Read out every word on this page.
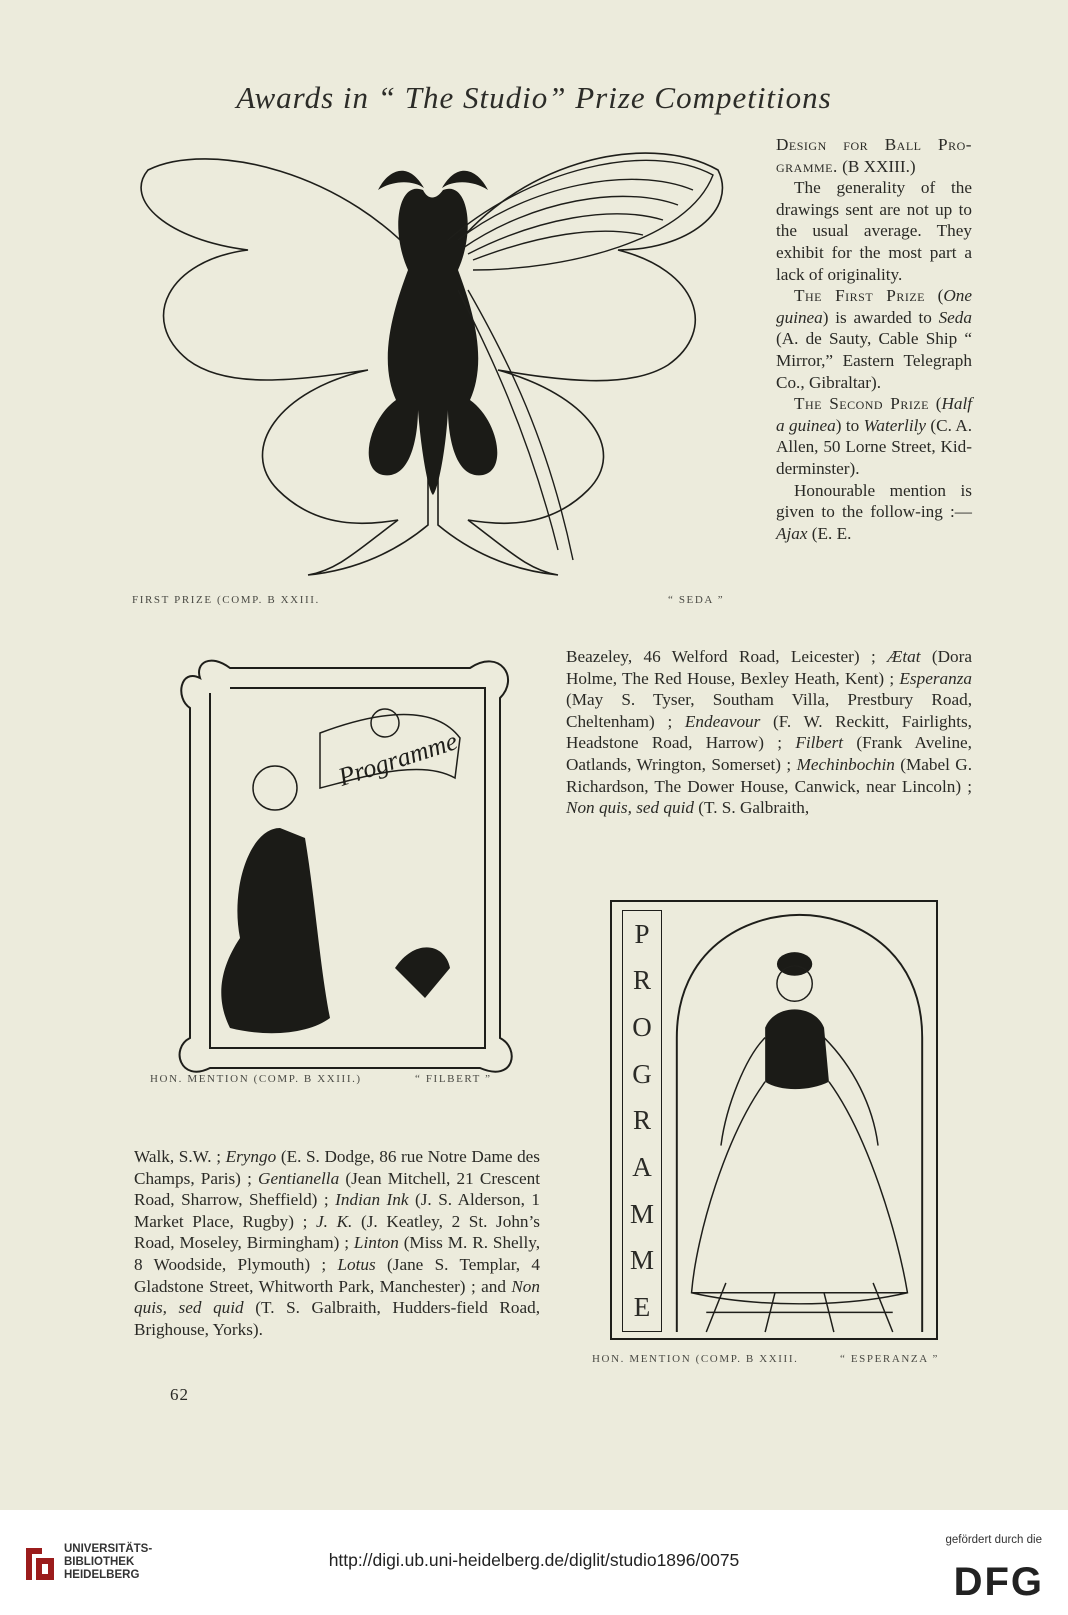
Awards in “ The Studio” Prize Competitions
FIRST PRIZE (COMP. B XXIII.	“ SEDA ”
Programme
HON. MENTION (COMP. B XXIII.)	“ FILBERT ”
P
R
O
G
R
A
M
M
E
HON. MENTION (COMP. B XXIII.	“ ESPERANZA ”

Design for Ball Pro-gramme. (B XXIII.)

The generality of the drawings sent are not up to the usual average. They exhibit for the most part a lack of originality.

The First Prize (One guinea) is awarded to Seda (A. de Sauty, Cable Ship “ Mirror,” Eastern Telegraph Co., Gibraltar).

The Second Prize (Half a guinea) to Waterlily (C. A. Allen, 50 Lorne Street, Kid-derminster).

Honourable mention is given to the follow-ing :—Ajax (E. E.

Beazeley, 46 Welford Road, Leicester) ; Ætat (Dora Holme, The Red House, Bexley Heath, Kent) ; Esperanza (May S. Tyser, Southam Villa, Prestbury Road, Cheltenham) ; Endeavour (F. W. Reckitt, Fairlights, Headstone Road, Harrow) ; Filbert (Frank Aveline, Oatlands, Wrington, Somerset) ; Mechinbochin (Mabel G. Richardson, The Dower House, Canwick, near Lincoln) ; Non quis, sed quid (T. S. Galbraith,

Walk, S.W. ; Eryngo (E. S. Dodge, 86 rue Notre Dame des Champs, Paris) ; Gentianella (Jean Mitchell, 21 Crescent Road, Sharrow, Sheffield) ; Indian Ink (J. S. Alderson, 1 Market Place, Rugby) ; J. K. (J. Keatley, 2 St. John’s Road, Moseley, Birmingham) ; Linton (Miss M. R. Shelly, 8 Woodside, Plymouth) ; Lotus (Jane S. Templar, 4 Gladstone Street, Whitworth Park, Manchester) ; and Non quis, sed quid (T. S. Galbraith, Hudders-field Road, Brighouse, Yorks).

62
UNIVERSITÄTS-
BIBLIOTHEK
HEIDELBERG
http://digi.ub.uni-heidelberg.de/diglit/studio1896/0075
gefördert durch die
DFG
